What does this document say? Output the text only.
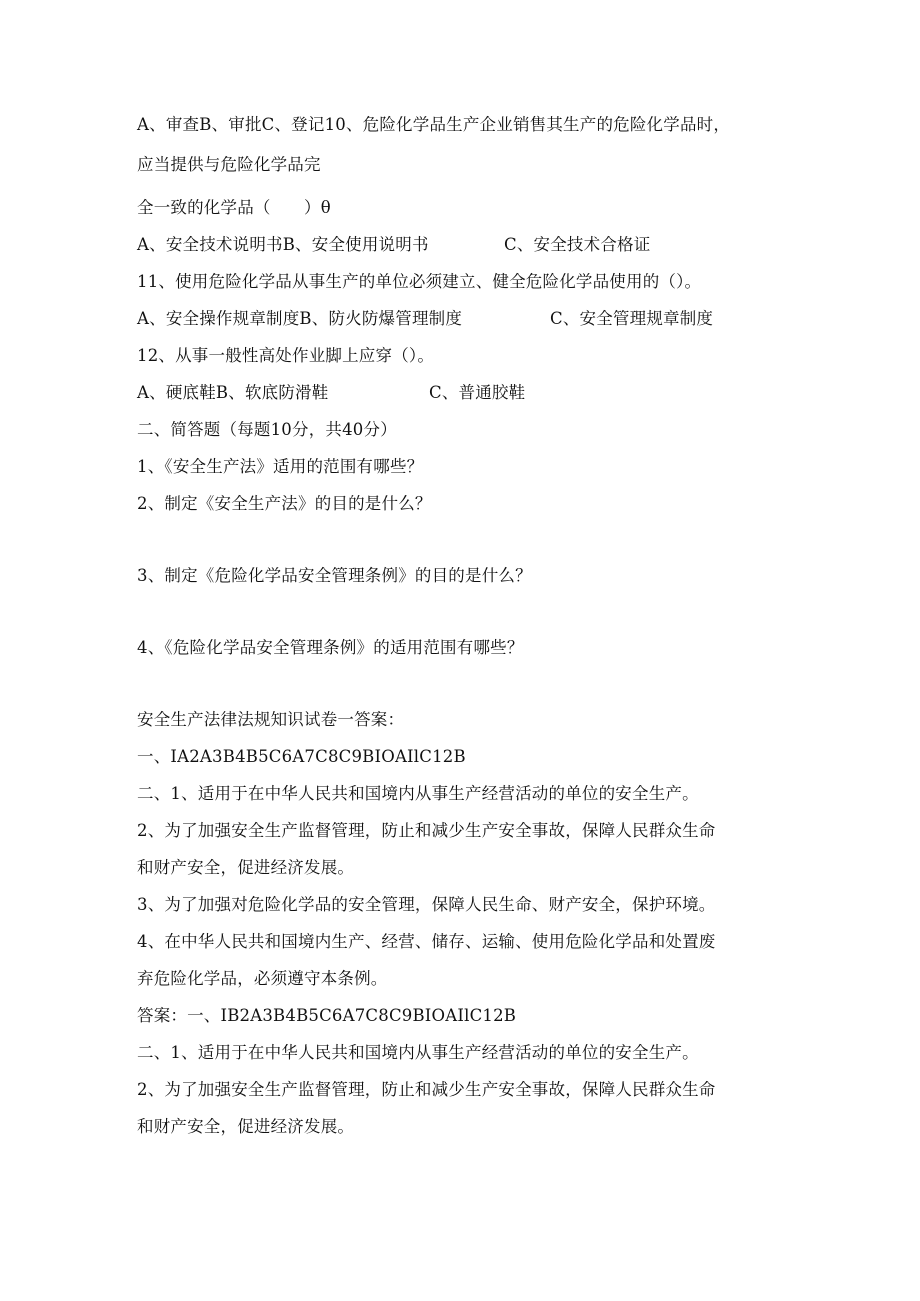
A、审查B、审批C、登记10、危险化学品生产企业销售其生产的危险化学品时，
应当提供与危险化学品完
全一致的化学品（　　）θ

A、安全技术说明书B、安全使用说明书

	C、安全技术合格证

11、使用危险化学品从事生产的单位必须建立、健全危险化学品使用的（）。

A、安全操作规章制度B、防火防爆管理制度

	C、安全管理规章制度

12、从事一般性高处作业脚上应穿（）。

A、硬底鞋B、软底防滑鞋

	C、普通胶鞋

二、简答题（每题10分，共40分）
1、《安全生产法》适用的范围有哪些？
2、制定《安全生产法》的目的是什么？
3、制定《危险化学品安全管理条例》的目的是什么？
4、《危险化学品安全管理条例》的适用范围有哪些？
安全生产法律法规知识试卷一答案：
一、IA2A3B4B5C6A7C8C9BIOAIlC12B
二、1、适用于在中华人民共和国境内从事生产经营活动的单位的安全生产。
2、为了加强安全生产监督管理，防止和减少生产安全事故，保障人民群众生命
和财产安全，促进经济发展。
3、为了加强对危险化学品的安全管理，保障人民生命、财产安全，保护环境。
4、在中华人民共和国境内生产、经营、储存、运输、使用危险化学品和处置废
弃危险化学品，必须遵守本条例。
答案：一、IB2A3B4B5C6A7C8C9BIOAIlC12B
二、1、适用于在中华人民共和国境内从事生产经营活动的单位的安全生产。
2、为了加强安全生产监督管理，防止和减少生产安全事故，保障人民群众生命
和财产安全，促进经济发展。
